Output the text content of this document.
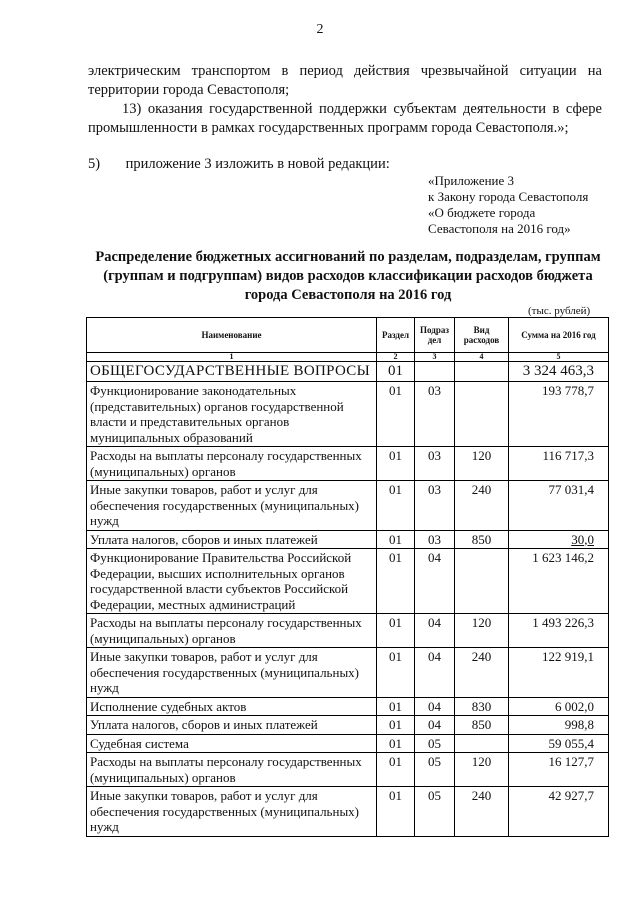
2
электрическим транспортом в период действия чрезвычайной ситуации на территории города Севастополя;
13) оказания государственной поддержки субъектам деятельности в сфере промышленности в рамках государственных программ города Севастополя.»;
5) приложение 3 изложить в новой редакции:
«Приложение 3
к Закону города Севастополя
«О бюджете города
Севастополя на 2016 год»
Распределение бюджетных ассигнований по разделам, подразделам, группам (группам и подгруппам) видов расходов классификации расходов бюджета города Севастополя на 2016 год
(тыс. рублей)
Наименование	Раздел	Подраз дел	Вид расходов	Сумма на 2016 год
1	2	3	4	5
ОБЩЕГОСУДАРСТВЕННЫЕ ВОПРОСЫ	01			3 324 463,3
Функционирование законодательных (представительных) органов государственной власти и представительных органов муниципальных образований	01	03		193 778,7
Расходы на выплаты персоналу государственных (муниципальных) органов	01	03	120	116 717,3
Иные закупки товаров, работ и услуг для обеспечения государственных (муниципальных) нужд	01	03	240	77 031,4
Уплата налогов, сборов и иных платежей	01	03	850	30,0
Функционирование Правительства Российской Федерации, высших исполнительных органов государственной власти субъектов Российской Федерации, местных администраций	01	04		1 623 146,2
Расходы на выплаты персоналу государственных (муниципальных) органов	01	04	120	1 493 226,3
Иные закупки товаров, работ и услуг для обеспечения государственных (муниципальных) нужд	01	04	240	122 919,1
Исполнение судебных актов	01	04	830	6 002,0
Уплата налогов, сборов и иных платежей	01	04	850	998,8
Судебная система	01	05		59 055,4
Расходы на выплаты персоналу государственных (муниципальных) органов	01	05	120	16 127,7
Иные закупки товаров, работ и услуг для обеспечения государственных (муниципальных) нужд	01	05	240	42 927,7
